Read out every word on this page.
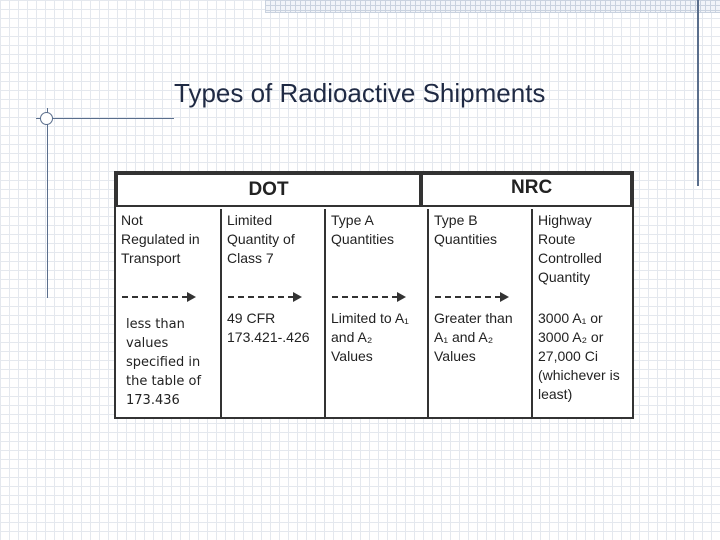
Types of Radioactive Shipments
DOT	NRC
Not
Regulated in
Transport
less than
values
specified in
the table of
173.436
Limited
Quantity of
Class 7
49 CFR
173.421-.426
Type A
Quantities
Limited to A₁
and A₂
Values
Type B
Quantities
Greater than
A₁ and A₂
Values
Highway
Route
Controlled
Quantity
3000 A₁ or
3000 A₂ or
27,000 Ci
(whichever is
least)
